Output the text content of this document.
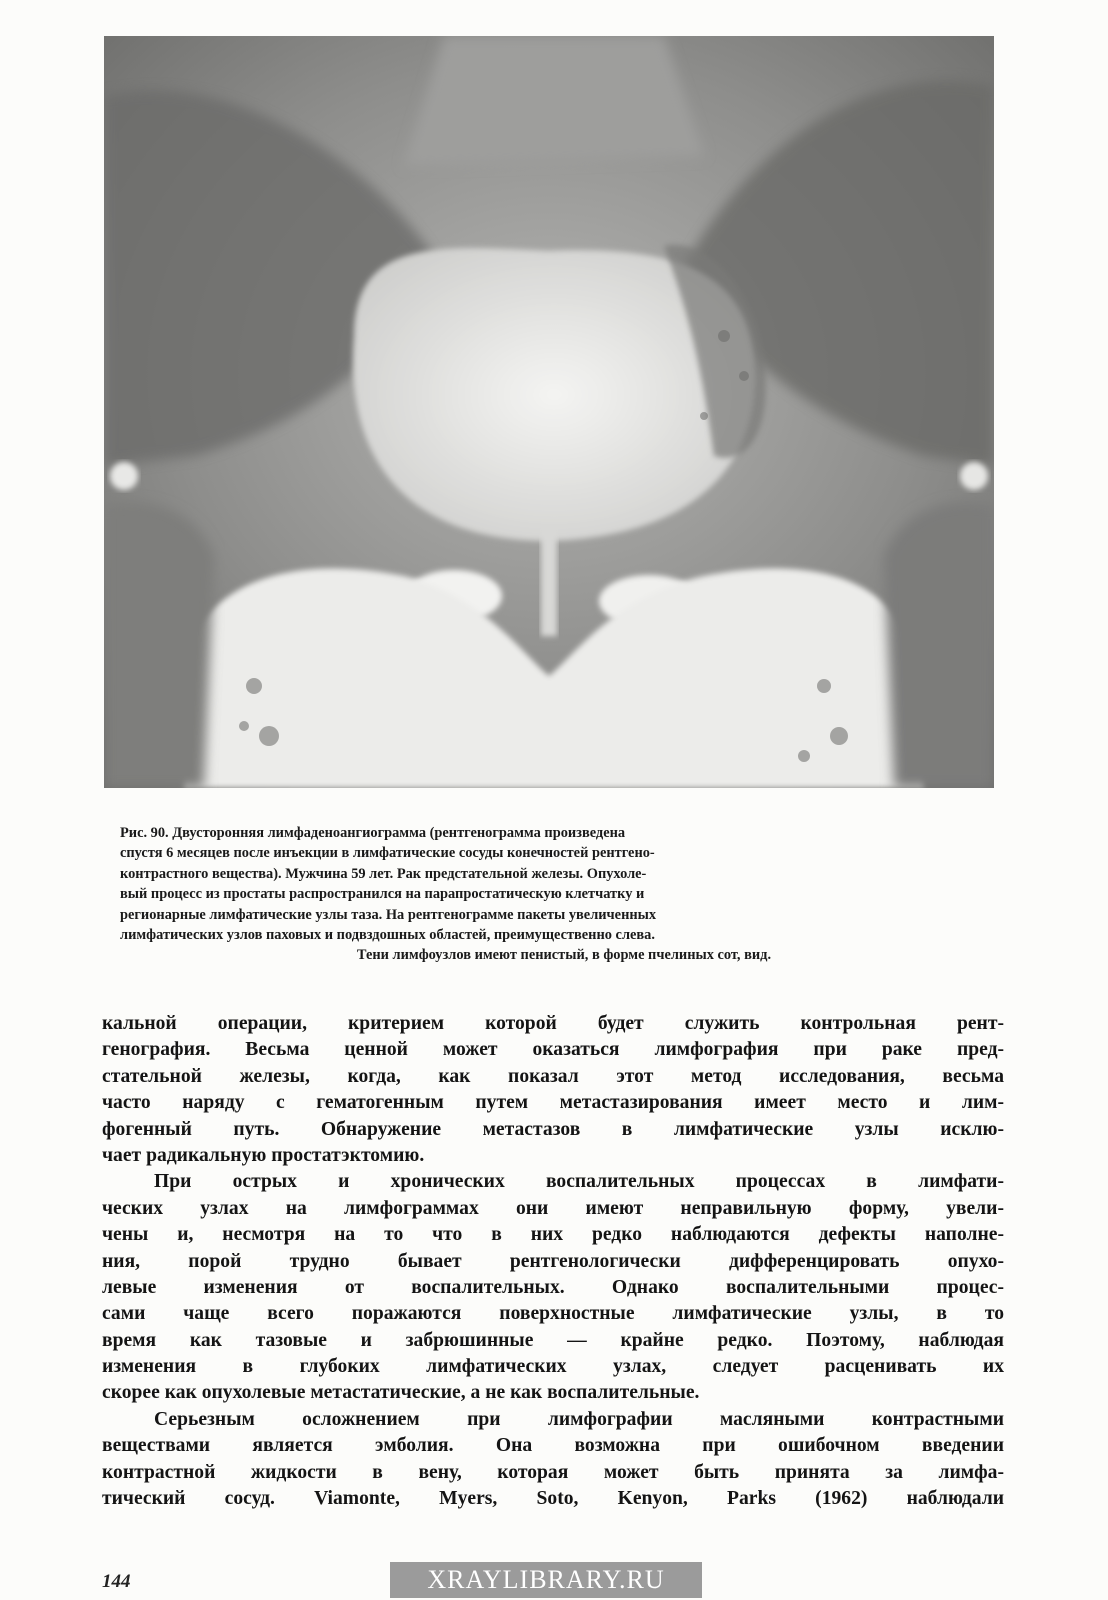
Рис. 90. Двусторонняя лимфаденоангиограмма (рентгенограмма произведена
спустя 6 месяцев после инъекции в лимфатические сосуды конечностей рентгено-
контрастного вещества). Мужчина 59 лет. Рак предстательной железы. Опухоле-
вый процесс из простаты распространился на парапростатическую клетчатку и
регионарные лимфатические узлы таза. На рентгенограмме пакеты увеличенных
лимфатических узлов паховых и подвздошных областей, преимущественно слева.
Тени лимфоузлов имеют пенистый, в форме пчелиных сот, вид.
кальной операции, критерием которой будет служить контрольная рент-
генография. Весьма ценной может оказаться лимфография при раке пред-
стательной железы, когда, как показал этот метод исследования, весьма
часто наряду с гематогенным путем метастазирования имеет место и лим-
фогенный путь. Обнаружение метастазов в лимфатические узлы исклю-
чает радикальную простатэктомию.
При острых и хронических воспалительных процессах в лимфати-
ческих узлах на лимфограммах они имеют неправильную форму, увели-
чены и, несмотря на то что в них редко наблюдаются дефекты наполне-
ния, порой трудно бывает рентгенологически дифференцировать опухо-
левые изменения от воспалительных. Однако воспалительными процес-
сами чаще всего поражаются поверхностные лимфатические узлы, в то
время как тазовые и забрюшинные — крайне редко. Поэтому, наблюдая
изменения в глубоких лимфатических узлах, следует расценивать их
скорее как опухолевые метастатические, а не как воспалительные.
Серьезным осложнением при лимфографии масляными контрастными
веществами является эмболия. Она возможна при ошибочном введении
контрастной жидкости в вену, которая может быть принята за лимфа-
тический сосуд. Viamonte, Myers, Soto, Kenyon, Parks (1962) наблюдали
144	XRAYLIBRARY.RU
